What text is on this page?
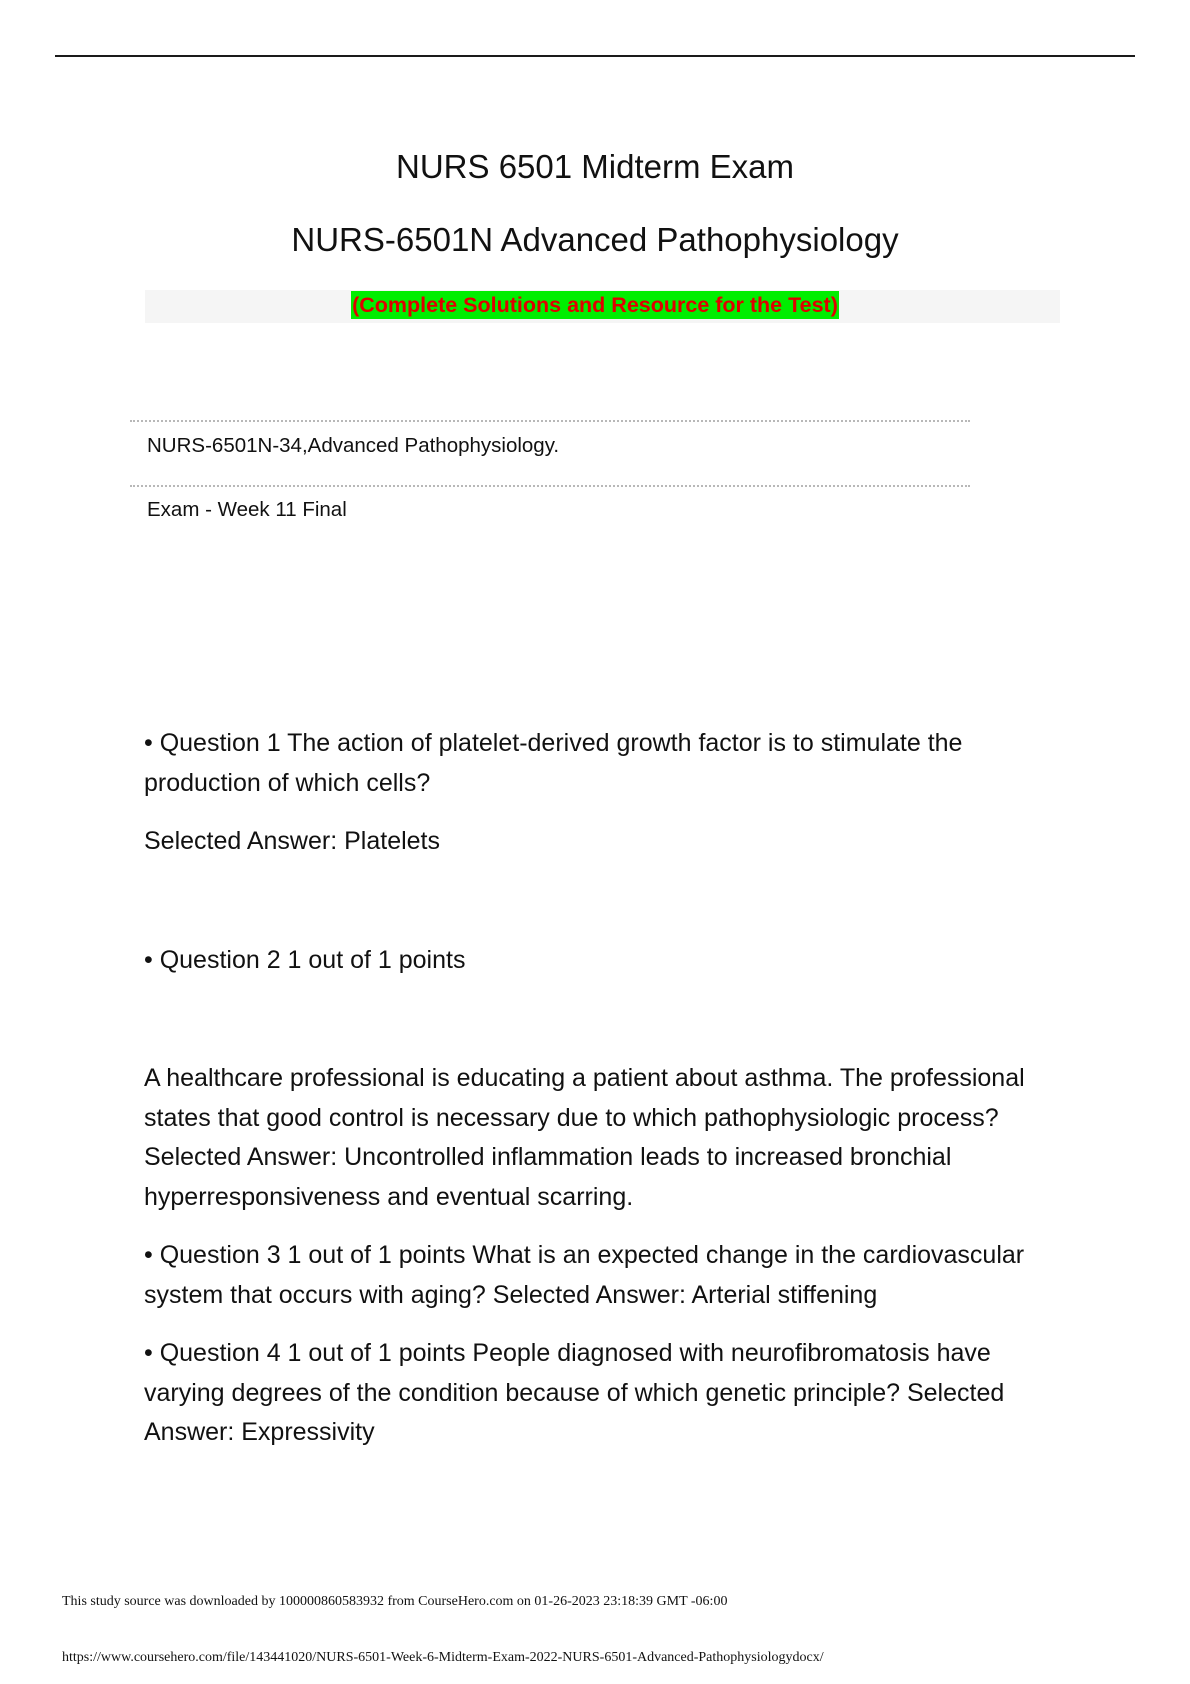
NURS 6501 Midterm Exam
NURS-6501N Advanced Pathophysiology
(Complete Solutions and Resource for the Test)
NURS-6501N-34,Advanced Pathophysiology.
Exam - Week 11 Final

• Question 1 The action of platelet-derived growth factor is to stimulate the production of which cells?

Selected Answer: Platelets

• Question 2 1 out of 1 points

A healthcare professional is educating a patient about asthma. The professional states that good control is necessary due to which pathophysiologic process? Selected Answer: Uncontrolled inflammation leads to increased bronchial hyperresponsiveness and eventual scarring.

• Question 3 1 out of 1 points What is an expected change in the cardiovascular system that occurs with aging? Selected Answer: Arterial stiffening

• Question 4 1 out of 1 points People diagnosed with neurofibromatosis have varying degrees of the condition because of which genetic principle? Selected Answer: Expressivity

This study source was downloaded by 100000860583932 from CourseHero.com on 01-26-2023 23:18:39 GMT -06:00
https://www.coursehero.com/file/143441020/NURS-6501-Week-6-Midterm-Exam-2022-NURS-6501-Advanced-Pathophysiologydocx/
